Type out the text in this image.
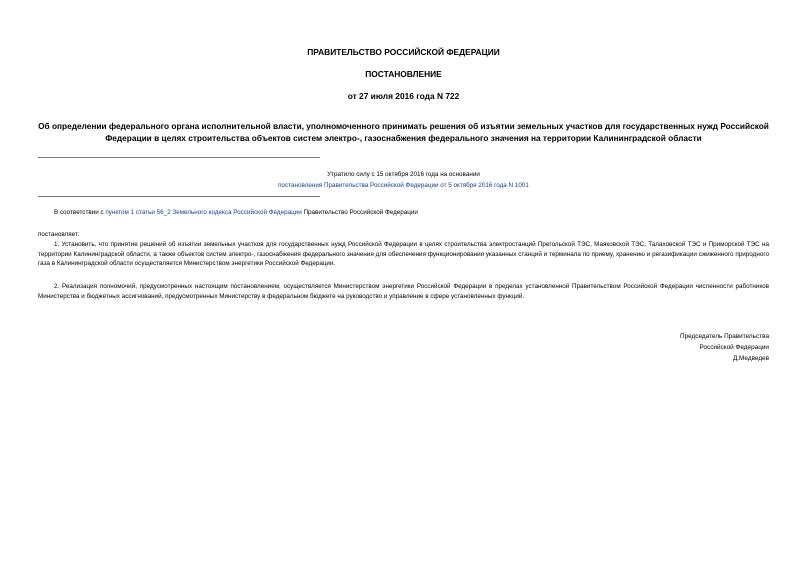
ПРАВИТЕЛЬСТВО РОССИЙСКОЙ ФЕДЕРАЦИИ

ПОСТАНОВЛЕНИЕ

от 27 июля 2016 года N 722

Об определении федерального органа исполнительной власти, уполномоченного принимать решения об изъятии земельных участков для государственных нужд Российской Федерации в целях строительства объектов систем электро-, газоснабжения федерального значения на территории Калининградской области

Утратило силу с 15 октября 2016 года на основании
постановления Правительства Российской Федерации от 5 октября 2016 года N 1001

В соответствии с пунктом 1 статьи 56_2 Земельного кодекса Российской Федерации Правительство Российской Федерации

постановляет:

1. Установить, что принятие решений об изъятии земельных участков для государственных нужд Российской Федерации в целях строительства электростанций Прегольской ТЭС, Маяковской ТЭС, Талаховской ТЭС и Приморской ТЭС на территории Калининградской области, а также объектов систем электро-, газоснабжения федерального значения для обеспечения функционирования указанных станций и терминала по приему, хранению и регазификации сжиженного природного газа в Калининградской области осуществляется Министерством энергетики Российской Федерации.

2. Реализация полномочий, предусмотренных настоящим постановлением, осуществляется Министерством энергетики Российской Федерации в пределах установленной Правительством Российской Федерации численности работников Министерства и бюджетных ассигнований, предусмотренных Министерству в федеральном бюджете на руководство и управление в сфере установленных функций.

Председатель Правительства
Российской Федерации
Д.Медведев
